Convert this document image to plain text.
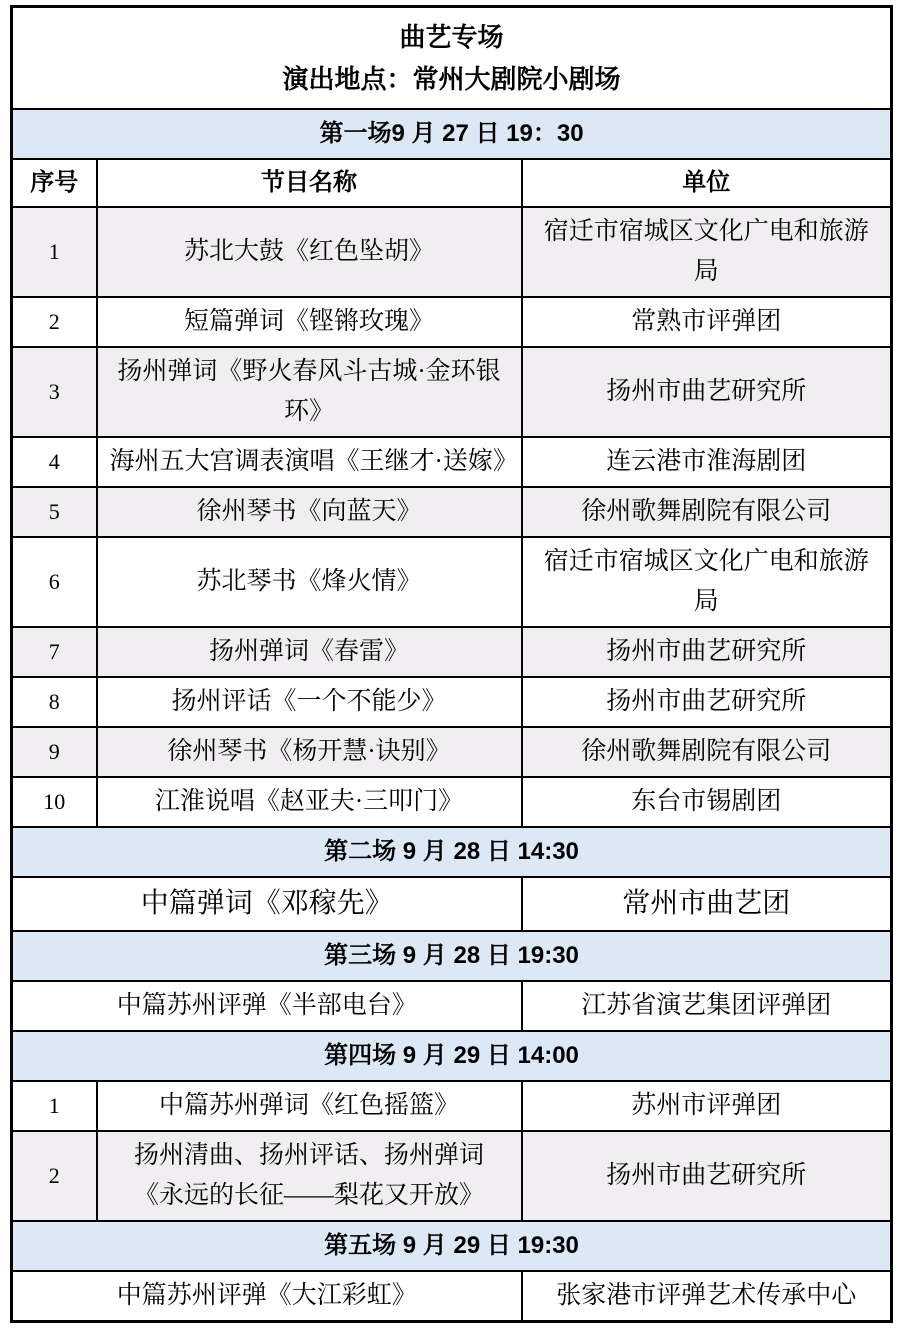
曲艺专场
演出地点：常州大剧院小剧场		

第一场9 月 27 日 19：30		
序号	节目名称	单位
1	苏北大鼓《红色坠胡》	宿迁市宿城区文化广电和旅游局
2	短篇弹词《铿锵玫瑰》	常熟市评弹团
3	扬州弹词《野火春风斗古城·金环银环》	扬州市曲艺研究所
4	海州五大宫调表演唱《王继才·送嫁》	连云港市淮海剧团
5	徐州琴书《向蓝天》	徐州歌舞剧院有限公司
6	苏北琴书《烽火情》	宿迁市宿城区文化广电和旅游局
7	扬州弹词《春雷》	扬州市曲艺研究所
8	扬州评话《一个不能少》	扬州市曲艺研究所
9	徐州琴书《杨开慧·诀别》	徐州歌舞剧院有限公司
10	江淮说唱《赵亚夫·三叩门》	东台市锡剧团
第二场 9 月 28 日 14:30		
中篇弹词《邓稼先》		常州市曲艺团
第三场 9 月 28 日 19:30		
中篇苏州评弹《半部电台》		江苏省演艺集团评弹团
第四场 9 月 29 日 14:00		
1	中篇苏州弹词《红色摇篮》	苏州市评弹团
2	扬州清曲、扬州评话、扬州弹词《永远的长征——梨花又开放》	扬州市曲艺研究所
第五场 9 月 29 日 19:30		
中篇苏州评弹《大江彩虹》		张家港市评弹艺术传承中心
